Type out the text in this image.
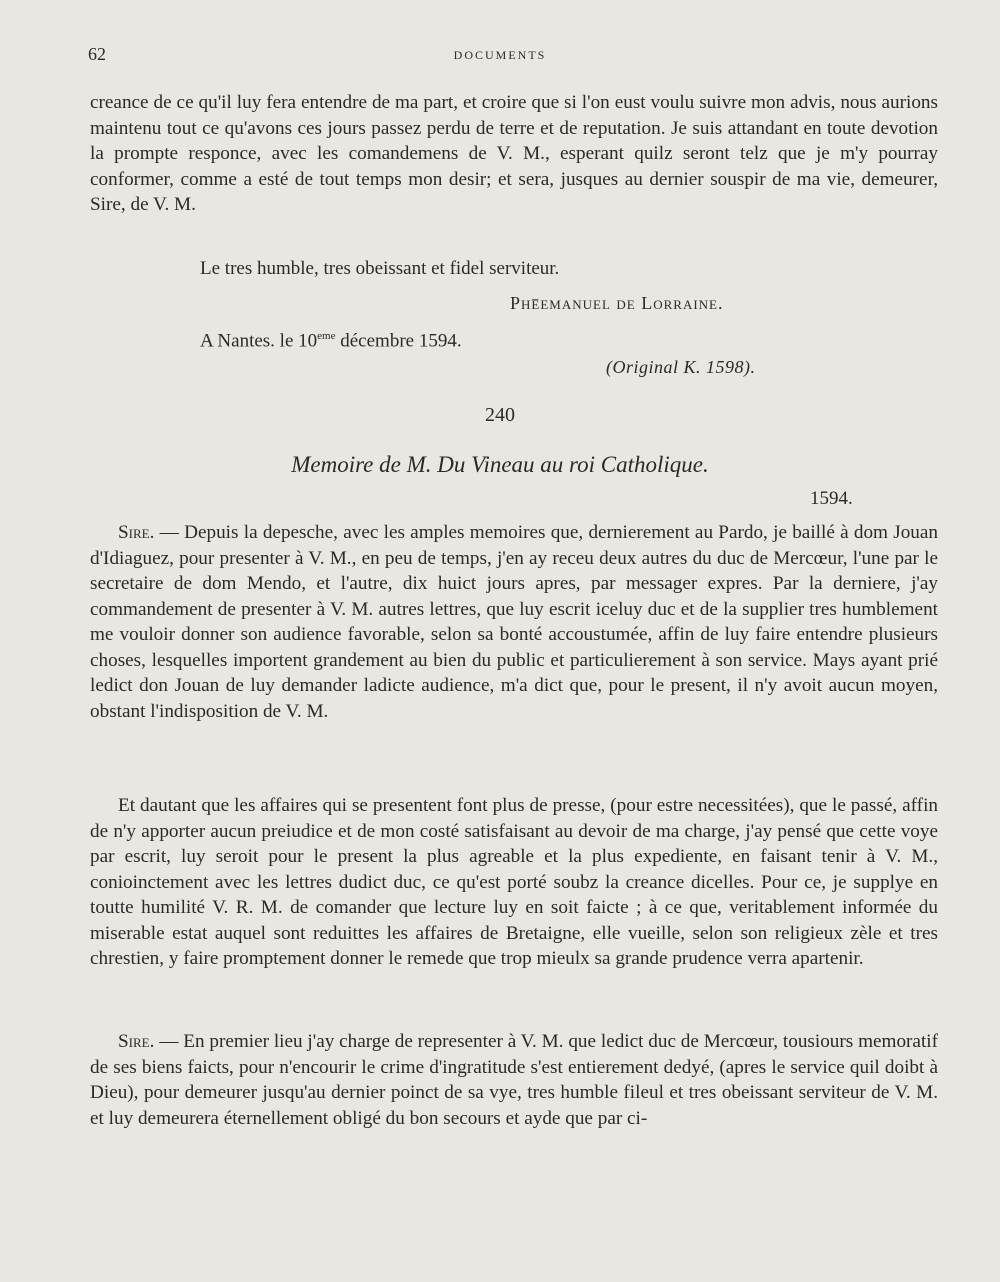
62	DOCUMENTS

creance de ce qu'il luy fera entendre de ma part, et croire que si l'on eust voulu suivre mon advis, nous aurions maintenu tout ce qu'avons ces jours passez perdu de terre et de reputation. Je suis attandant en toute devotion la prompte responce, avec les comandemens de V. M., esperant quilz seront telz que je m'y pourray conformer, comme a esté de tout temps mon desir; et sera, jusques au dernier souspir de ma vie, demeurer, Sire, de V. M.

Le tres humble, tres obeissant et fidel serviteur.
Phe̅emanuel de Lorraine.
A Nantes. le 10eme décembre 1594.
(Original K. 1598).
240
Memoire de M. Du Vineau au roi Catholique.
1594.

Sire. — Depuis la depesche, avec les amples memoires que, dernierement au Pardo, je baillé à dom Jouan d'Idiaguez, pour presenter à V. M., en peu de temps, j'en ay receu deux autres du duc de Mercœur, l'une par le secretaire de dom Mendo, et l'autre, dix huict jours apres, par messager expres. Par la derniere, j'ay commandement de presenter à V. M. autres lettres, que luy escrit iceluy duc et de la supplier tres humblement me vouloir donner son audience favorable, selon sa bonté accoustumée, affin de luy faire entendre plusieurs choses, lesquelles importent grandement au bien du public et particulierement à son service. Mays ayant prié ledict don Jouan de luy demander ladicte audience, m'a dict que, pour le present, il n'y avoit aucun moyen, obstant l'indisposition de V. M.

Et dautant que les affaires qui se presentent font plus de presse, (pour estre necessitées), que le passé, affin de n'y apporter aucun preiudice et de mon costé satisfaisant au devoir de ma charge, j'ay pensé que cette voye par escrit, luy seroit pour le present la plus agreable et la plus expediente, en faisant tenir à V. M., conioinctement avec les lettres dudict duc, ce qu'est porté soubz la creance dicelles. Pour ce, je supplye en toutte humilité V. R. M. de comander que lecture luy en soit faicte ; à ce que, veritablement informée du miserable estat auquel sont reduittes les affaires de Bretaigne, elle vueille, selon son religieux zèle et tres chrestien, y faire promptement donner le remede que trop mieulx sa grande prudence verra apartenir.

Sire. — En premier lieu j'ay charge de representer à V. M. que ledict duc de Mercœur, tousiours memoratif de ses biens faicts, pour n'encourir le crime d'ingratitude s'est entierement dedyé, (apres le service quil doibt à Dieu), pour demeurer jusqu'au dernier poinct de sa vye, tres humble fileul et tres obeissant serviteur de V. M. et luy demeurera éternellement obligé du bon secours et ayde que par ci-
